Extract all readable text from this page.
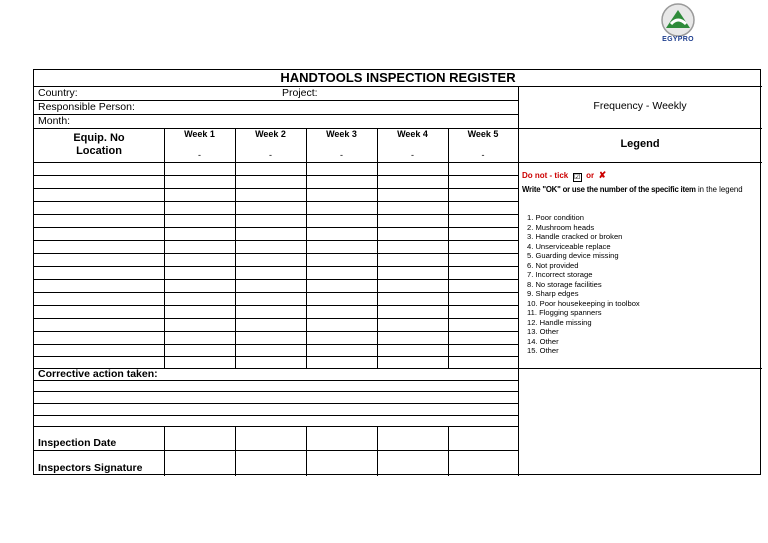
EGYPRO
HANDTOOLS INSPECTION REGISTER
Country:	Project:
Responsible Person:
Month:
Frequency - Weekly
Equip. No
Location
Legend
Week 1	Week 2	Week 3	Week 4	Week 5
-	-	-	-	-
Do not - tick ☑ or ✘
Write "OK" or use the number of the specific item in the legend
1. Poor condition
2. Mushroom heads
3. Handle cracked or broken
4. Unserviceable replace
5. Guarding device missing
6. Not provided
7. Incorrect storage
8. No storage facilities
9. Sharp edges
10. Poor housekeeping in toolbox
11. Flogging spanners
12. Handle missing
13. Other
14. Other
15. Other
Corrective action taken:
Inspection Date
Inspectors Signature
